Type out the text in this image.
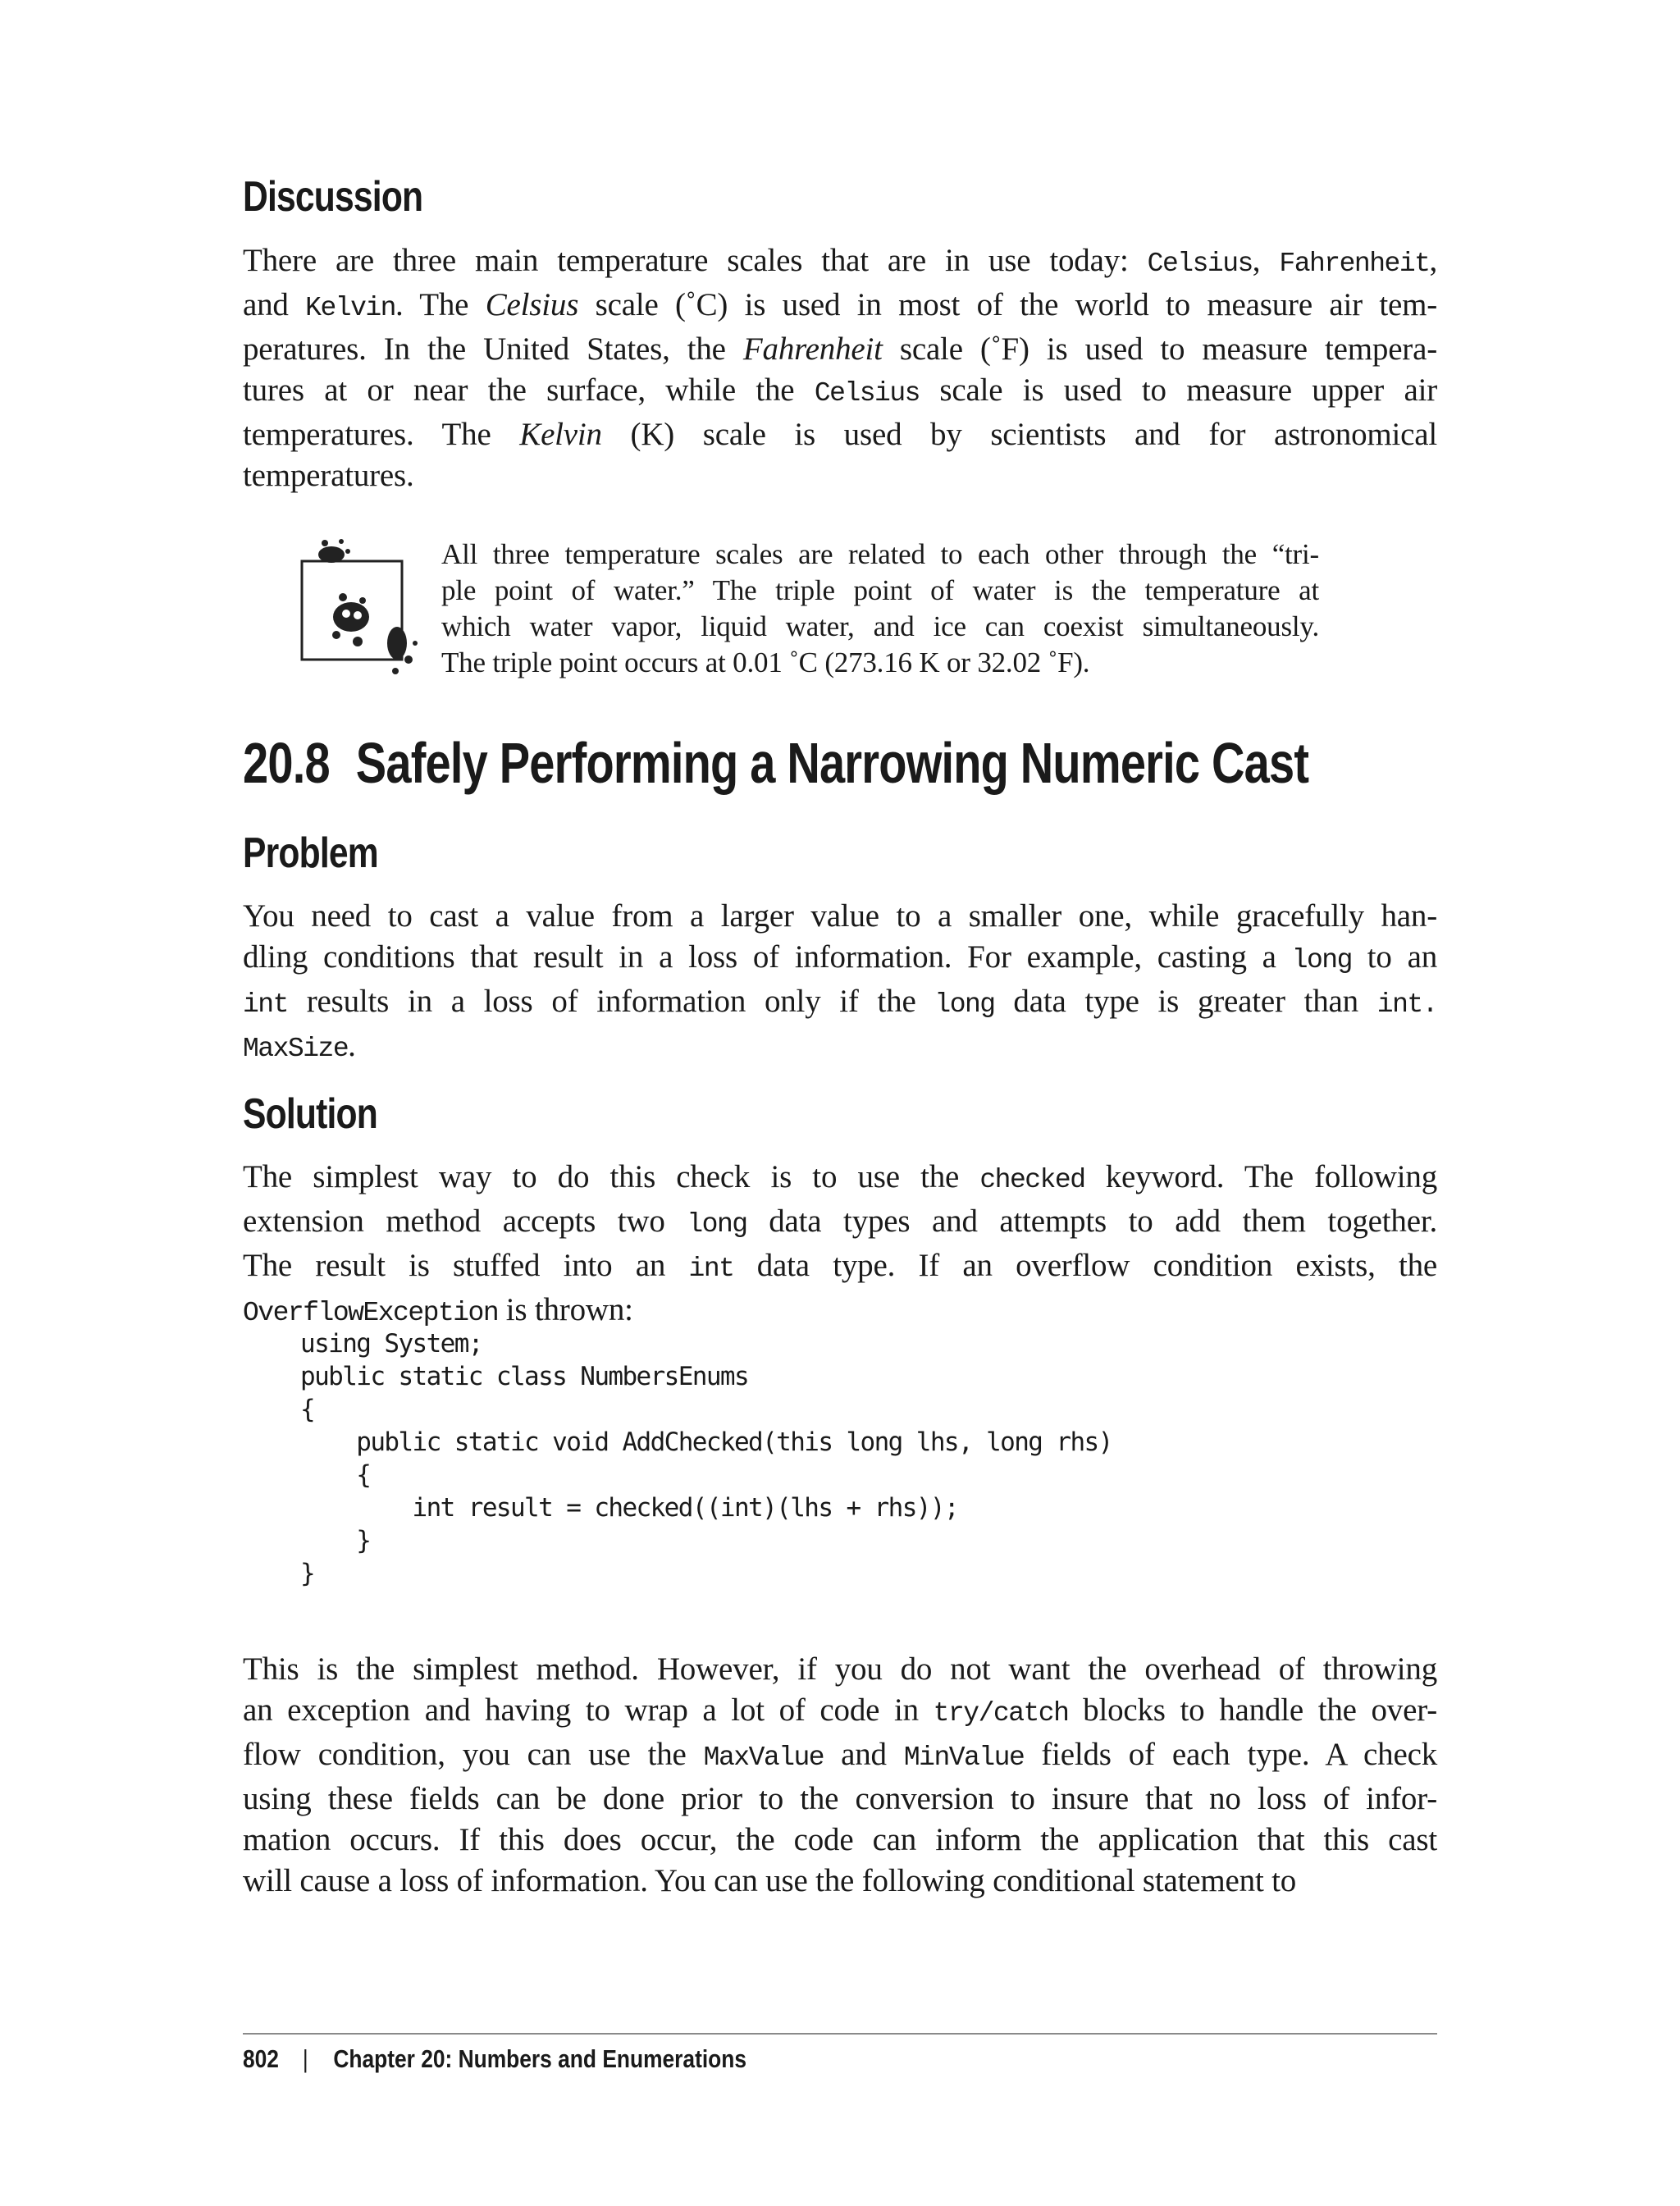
Discussion

There are three main temperature scales that are in use today: Celsius, Fahrenheit,
and Kelvin. The Celsius scale (˚C) is used in most of the world to measure air tem-
peratures. In the United States, the Fahrenheit scale (˚F) is used to measure tempera-
tures at or near the surface, while the Celsius scale is used to measure upper air
temperatures. The Kelvin (K) scale is used by scientists and for astronomical
temperatures.

All three temperature scales are related to each other through the “tri-
ple point of water.” The triple point of water is the temperature at
which water vapor, liquid water, and ice can coexist simultaneously.
The triple point occurs at 0.01 ˚C (273.16 K or 32.02 ˚F).
20.8 Safely Performing a Narrowing Numeric Cast
Problem

You need to cast a value from a larger value to a smaller one, while gracefully han-
dling conditions that result in a loss of information. For example, casting a long to an
int results in a loss of information only if the long data type is greater than int.
MaxSize.

Solution

The simplest way to do this check is to use the checked keyword. The following
extension method accepts two long data types and attempts to add them together.
The result is stuffed into an int data type. If an overflow condition exists, the
OverflowException is thrown:

using System;
public static class NumbersEnums
{
public static void AddChecked(this long lhs, long rhs)
{
int result = checked((int)(lhs + rhs));
}
}

This is the simplest method. However, if you do not want the overhead of throwing
an exception and having to wrap a lot of code in try/catch blocks to handle the over-
flow condition, you can use the MaxValue and MinValue fields of each type. A check
using these fields can be done prior to the conversion to insure that no loss of infor-
mation occurs. If this does occur, the code can inform the application that this cast
will cause a loss of information. You can use the following conditional statement to

802 | Chapter 20: Numbers and Enumerations
